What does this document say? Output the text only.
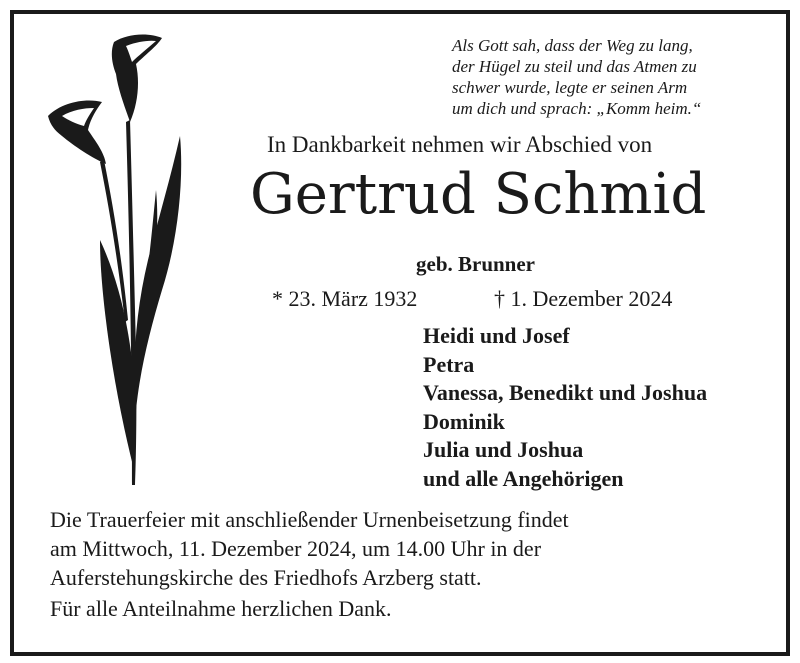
Als Gott sah, dass der Weg zu lang,
der Hügel zu steil und das Atmen zu
schwer wurde, legte er seinen Arm
um dich und sprach: „Komm heim.“
In Dankbarkeit nehmen wir Abschied von
Gertrud Schmid
geb. Brunner
* 23. März 1932	† 1. Dezember 2024
Heidi und Josef
Petra
Vanessa, Benedikt und Joshua
Dominik
Julia und Joshua
und alle Angehörigen
Die Trauerfeier mit anschließender Urnenbeisetzung findet
am Mittwoch, 11. Dezember 2024, um 14.00 Uhr in der
Auferstehungskirche des Friedhofs Arzberg statt.
Für alle Anteilnahme herzlichen Dank.
